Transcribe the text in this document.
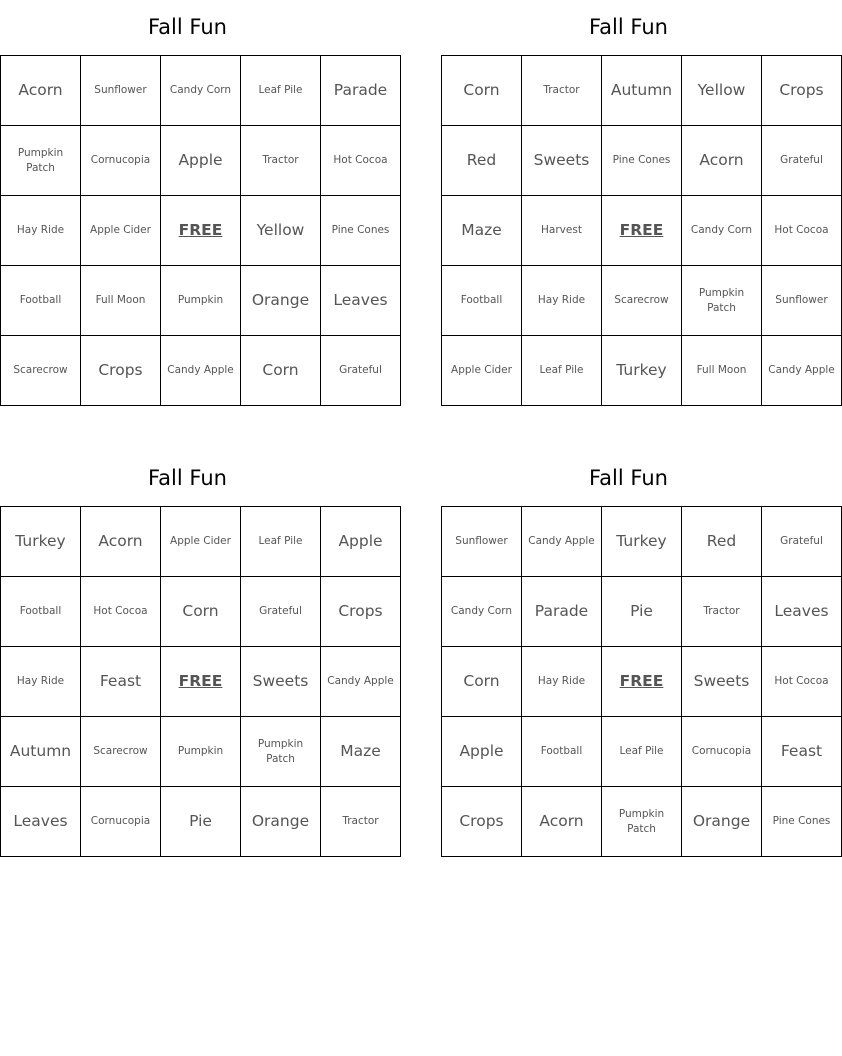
Fall Fun
Acorn	Sunflower	Candy Corn	Leaf Pile	Parade
Pumpkin Patch	Cornucopia	Apple	Tractor	Hot Cocoa
Hay Ride	Apple Cider	FREE	Yellow	Pine Cones
Football	Full Moon	Pumpkin	Orange	Leaves
Scarecrow	Crops	Candy Apple	Corn	Grateful
Fall Fun
Corn	Tractor	Autumn	Yellow	Crops
Red	Sweets	Pine Cones	Acorn	Grateful
Maze	Harvest	FREE	Candy Corn	Hot Cocoa
Football	Hay Ride	Scarecrow	Pumpkin Patch	Sunflower
Apple Cider	Leaf Pile	Turkey	Full Moon	Candy Apple
Fall Fun
Turkey	Acorn	Apple Cider	Leaf Pile	Apple
Football	Hot Cocoa	Corn	Grateful	Crops
Hay Ride	Feast	FREE	Sweets	Candy Apple
Autumn	Scarecrow	Pumpkin	Pumpkin Patch	Maze
Leaves	Cornucopia	Pie	Orange	Tractor
Fall Fun
Sunflower	Candy Apple	Turkey	Red	Grateful
Candy Corn	Parade	Pie	Tractor	Leaves
Corn	Hay Ride	FREE	Sweets	Hot Cocoa
Apple	Football	Leaf Pile	Cornucopia	Feast
Crops	Acorn	Pumpkin Patch	Orange	Pine Cones
